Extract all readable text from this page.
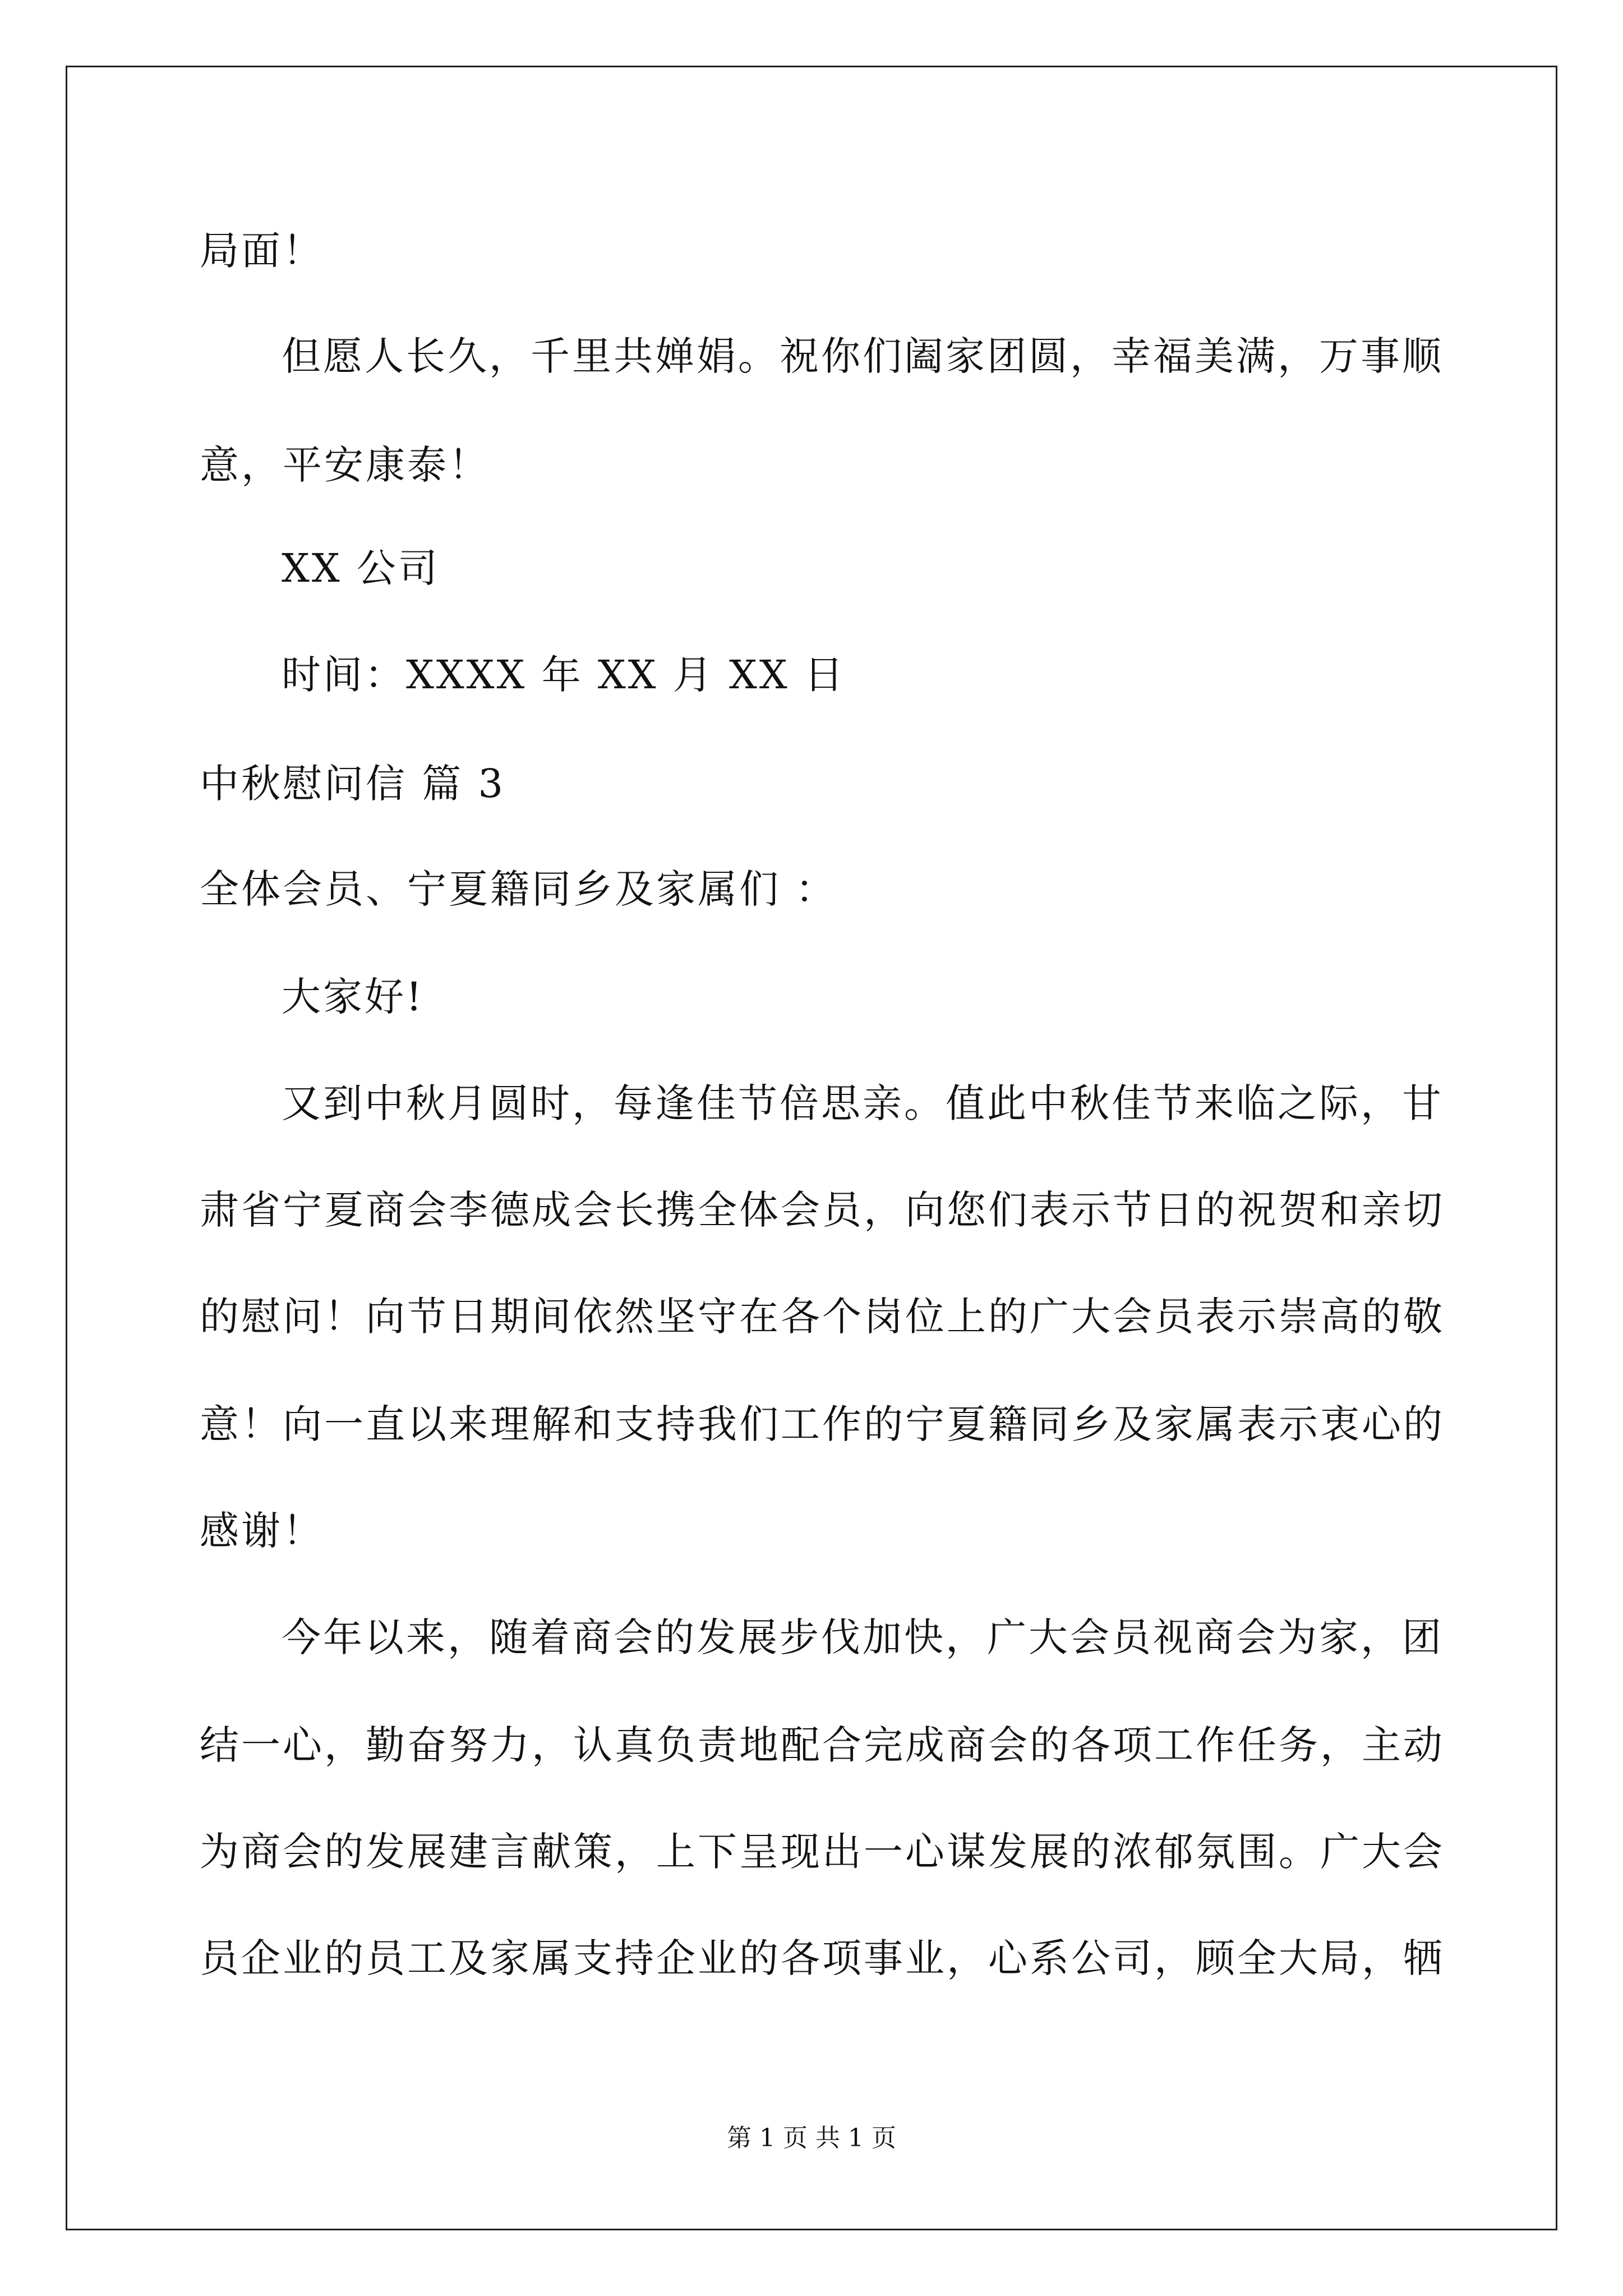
局面！
但愿人长久，千里共婵娟。祝你们阖家团圆，幸福美满，万事顺
意，平安康泰！
XX 公司
时间：XXXX 年 XX 月 XX 日
中秋慰问信 篇 3
全体会员、宁夏籍同乡及家属们 ：
大家好!
又到中秋月圆时，每逢佳节倍思亲。值此中秋佳节来临之际，甘
肃省宁夏商会李德成会长携全体会员，向您们表示节日的祝贺和亲切
的慰问！向节日期间依然坚守在各个岗位上的广大会员表示崇高的敬
意！向一直以来理解和支持我们工作的宁夏籍同乡及家属表示衷心的
感谢！
今年以来，随着商会的发展步伐加快，广大会员视商会为家，团
结一心，勤奋努力，认真负责地配合完成商会的各项工作任务，主动
为商会的发展建言献策，上下呈现出一心谋发展的浓郁氛围。广大会
员企业的员工及家属支持企业的各项事业，心系公司，顾全大局，牺
第 1 页 共 1 页
